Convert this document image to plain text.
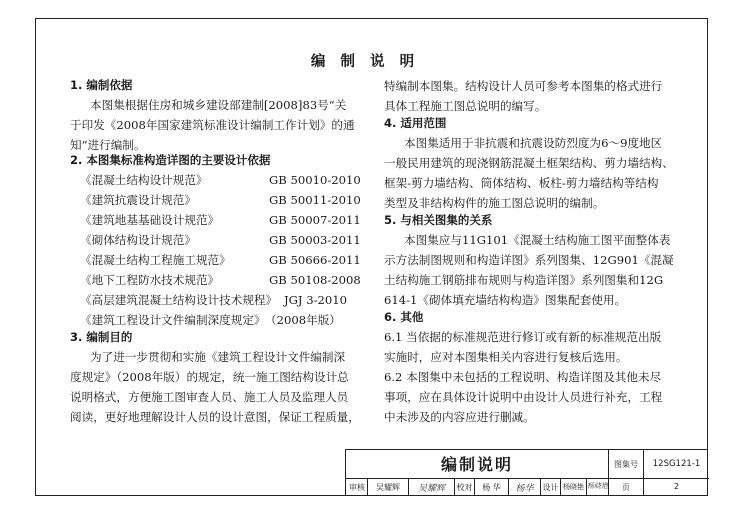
编 制 说 明
1. 编制依据
本图集根据住房和城乡建设部建制[2008]83号“关
于印发《2008年国家建筑标准设计编制工作计划》的通
知”进行编制。
2. 本图集标准构造详图的主要设计依据
《混凝土结构设计规范》	GB 50010-2010
《建筑抗震设计规范》	GB 50011-2010
《建筑地基基础设计规范》	GB 50007-2011
《砌体结构设计规范》	GB 50003-2011
《混凝土结构工程施工规范》	GB 50666-2011
《地下工程防水技术规范》	GB 50108-2008
《高层建筑混凝土结构设计技术规程》 JGJ 3-2010
《建筑工程设计文件编制深度规定》 （2008年版）
3. 编制目的
为了进一步贯彻和实施《建筑工程设计文件编制深
度规定》（2008年版）的规定，统一施工图结构设计总
说明格式，方便施工图审查人员、施工人员及监理人员
阅读，更好地理解设计人员的设计意图，保证工程质量，
特编制本图集。结构设计人员可参考本图集的格式进行
具体工程施工图总说明的编写。
4. 适用范围
本图集适用于非抗震和抗震设防烈度为6～9度地区
一般民用建筑的现浇钢筋混凝土框架结构、剪力墙结构、
框架-剪力墙结构、筒体结构、板柱-剪力墙结构等结构
类型及非结构构件的施工图总说明的编制。
5. 与相关图集的关系
本图集应与11G101《混凝土结构施工图平面整体表
示方法制图规则和构造详图》系列图集、12G901《混凝
土结构施工钢筋排布规则与构造详图》系列图集和12G
614-1《砌体填充墙结构构造》图集配套使用。
6. 其他
6.1 当依据的标准规范进行修订或有新的标准规范出版
实施时，应对本图集相关内容进行复核后选用。
6.2 本图集中未包括的工程说明、构造详图及其他未尽
事项，应在具体设计说明中由设计人员进行补充，工程
中未涉及的内容应进行删减。
编制说明	图集号	12SG121-1
审核	吴耀辉	吴耀辉	校对	杨 华	杨华	设计 杨晓艳 杨晓艳	页	2
